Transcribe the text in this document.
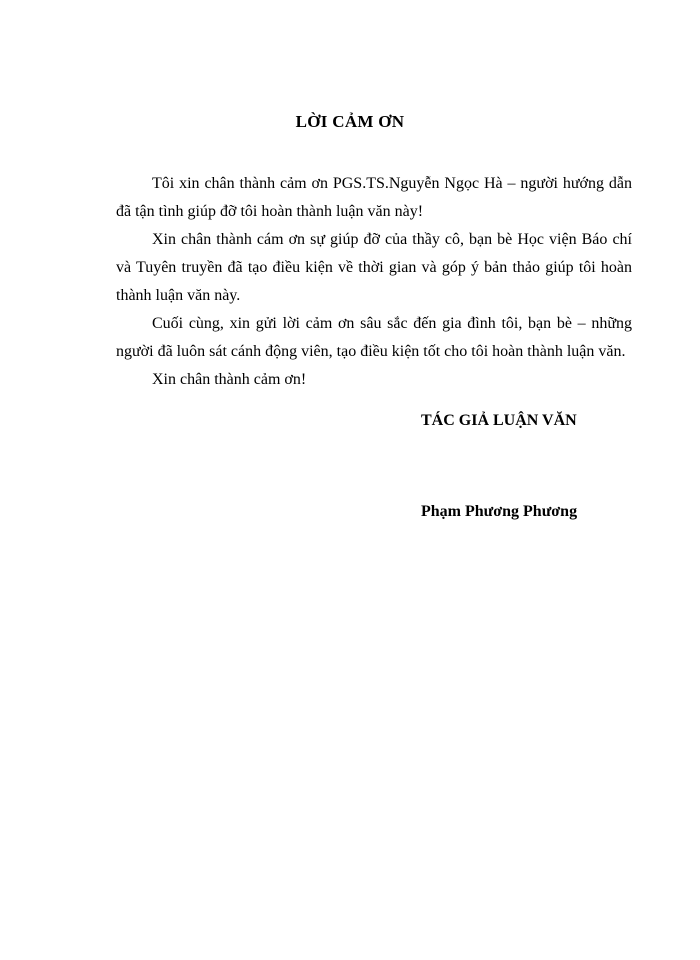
LỜI CẢM ƠN

Tôi xin chân thành cảm ơn PGS.TS.Nguyễn Ngọc Hà – người hướng dẫn đã tận tình giúp đỡ tôi hoàn thành luận văn này!

Xin chân thành cám ơn sự giúp đỡ của thầy cô, bạn bè Học viện Báo chí và Tuyên truyền đã tạo điều kiện về thời gian và góp ý bản thảo giúp tôi hoàn thành luận văn này.

Cuối cùng, xin gửi lời cảm ơn sâu sắc đến gia đình tôi, bạn bè – những người đã luôn sát cánh động viên, tạo điều kiện tốt cho tôi hoàn thành luận văn.

Xin chân thành cảm ơn!

TÁC GIẢ LUẬN VĂN
Phạm Phương Phương
